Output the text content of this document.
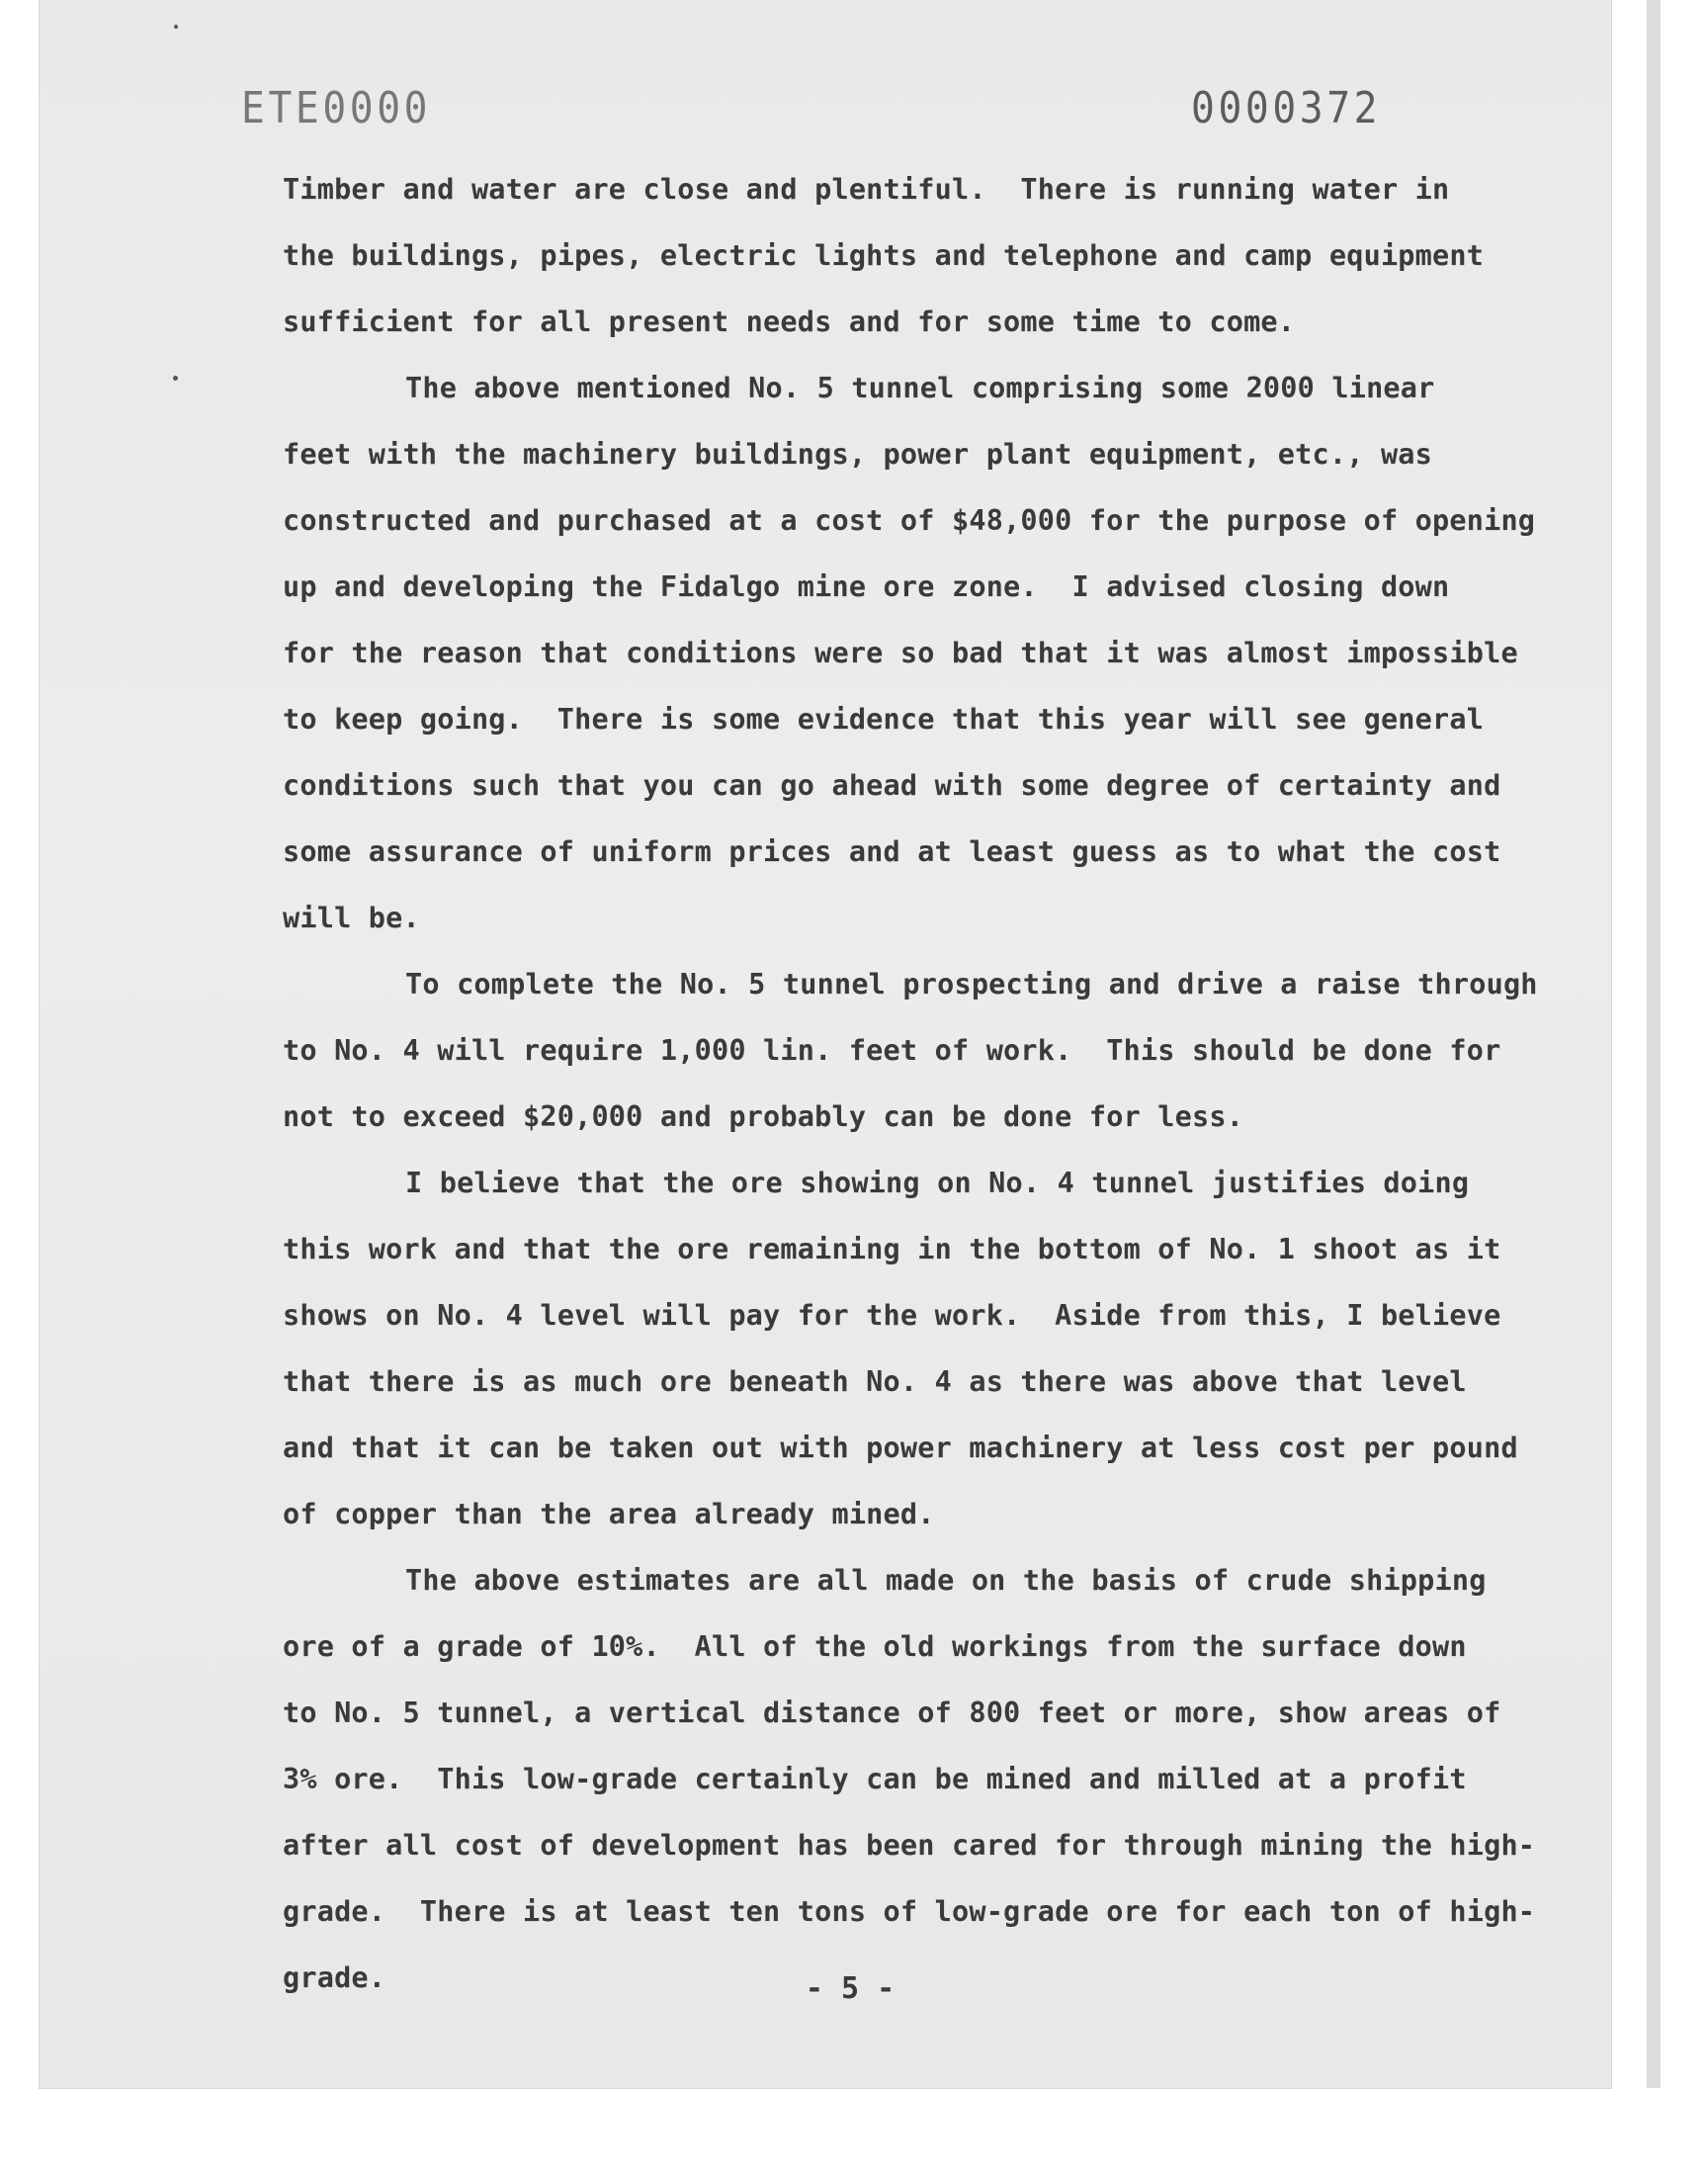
ETE0000	0000372
Timber and water are close and plentiful.  There is running water in
the buildings, pipes, electric lights and telephone and camp equipment
sufficient for all present needs and for some time to come.
The above mentioned No. 5 tunnel comprising some 2000 linear
feet with the machinery buildings, power plant equipment, etc., was
constructed and purchased at a cost of $48,000 for the purpose of opening
up and developing the Fidalgo mine ore zone.  I advised closing down
for the reason that conditions were so bad that it was almost impossible
to keep going.  There is some evidence that this year will see general
conditions such that you can go ahead with some degree of certainty and
some assurance of uniform prices and at least guess as to what the cost
will be.
To complete the No. 5 tunnel prospecting and drive a raise through
to No. 4 will require 1,000 lin. feet of work.  This should be done for
not to exceed $20,000 and probably can be done for less.
I believe that the ore showing on No. 4 tunnel justifies doing
this work and that the ore remaining in the bottom of No. 1 shoot as it
shows on No. 4 level will pay for the work.  Aside from this, I believe
that there is as much ore beneath No. 4 as there was above that level
and that it can be taken out with power machinery at less cost per pound
of copper than the area already mined.
The above estimates are all made on the basis of crude shipping
ore of a grade of 10%.  All of the old workings from the surface down
to No. 5 tunnel, a vertical distance of 800 feet or more, show areas of
3% ore.  This low-grade certainly can be mined and milled at a profit
after all cost of development has been cared for through mining the high-
grade.  There is at least ten tons of low-grade ore for each ton of high-
grade.	- 5 -
